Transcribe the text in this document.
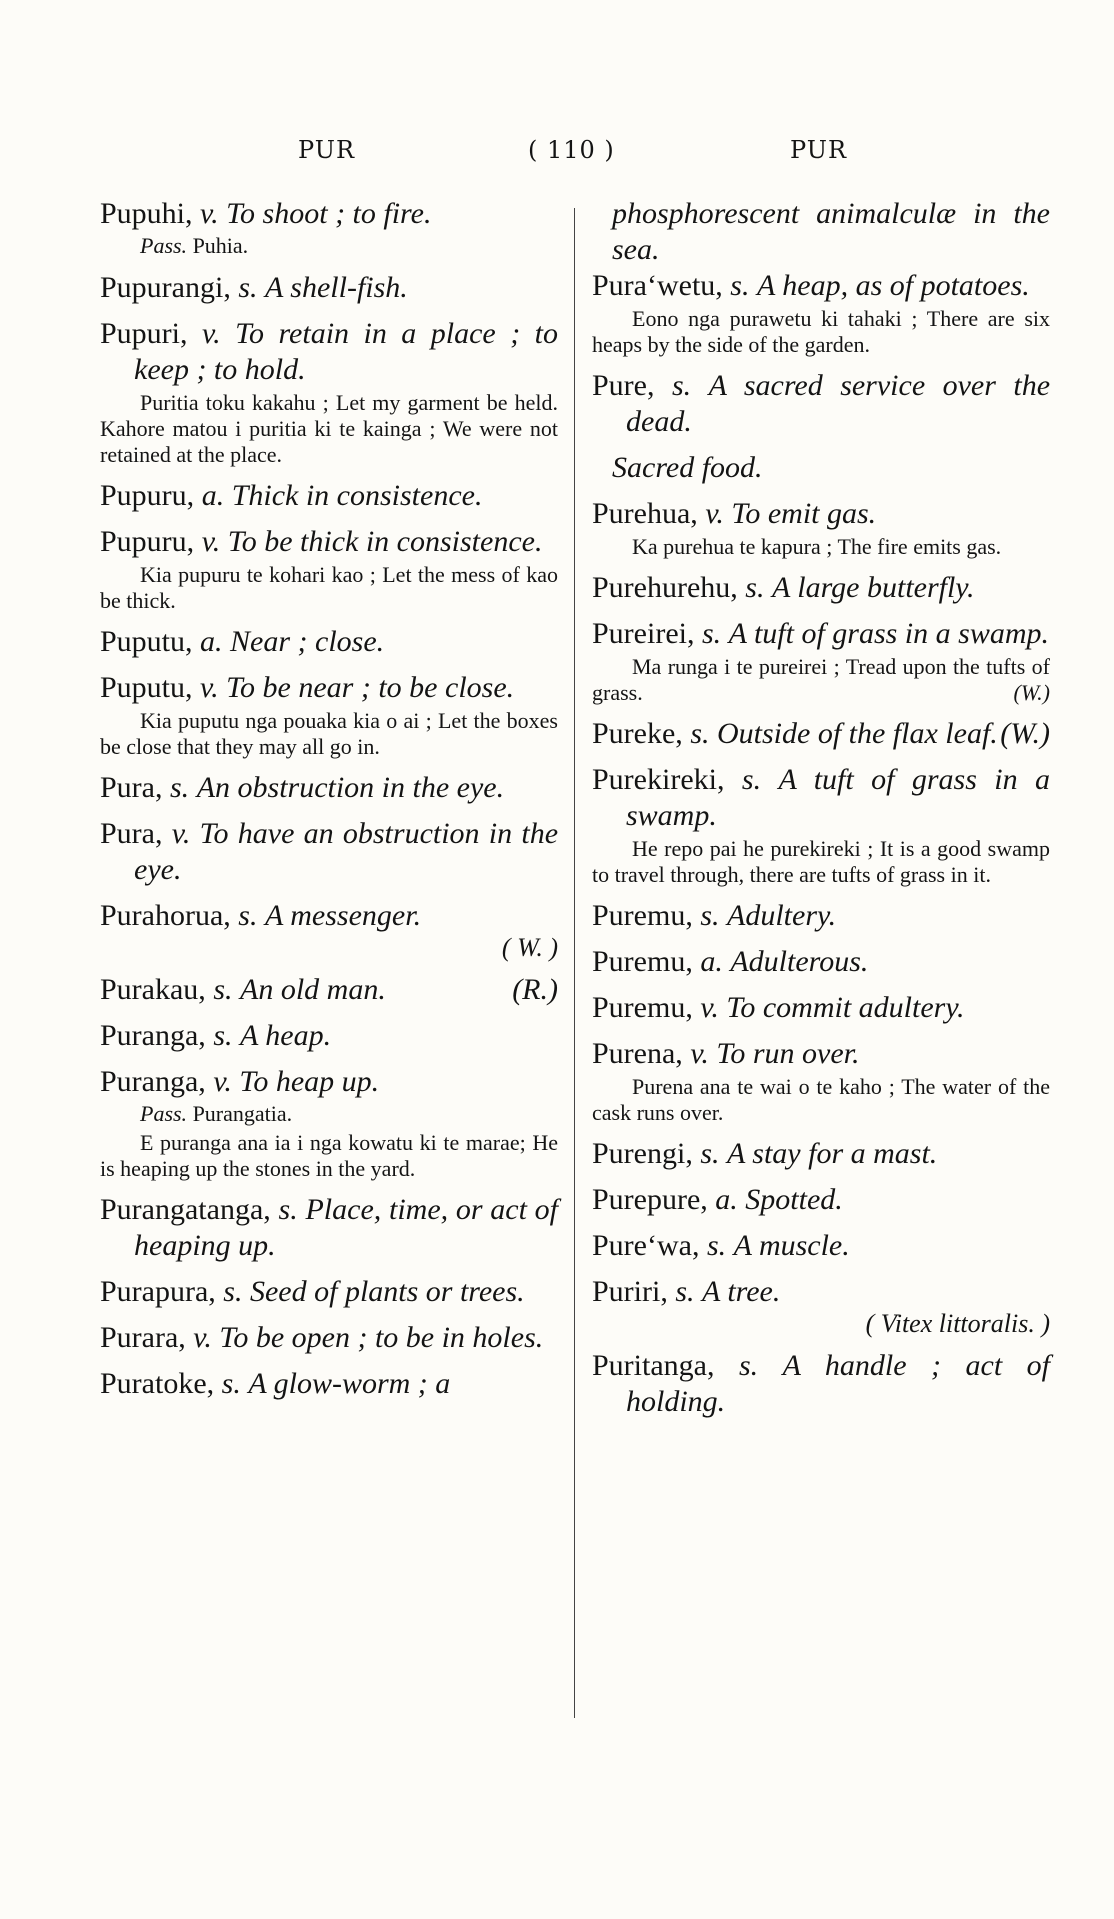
PUR	( 110 )	PUR
Pupuhi, v. To shoot ; to fire.
Pass. Puhia.
Pupurangi, s. A shell-fish.
Pupuri, v. To retain in a place ; to keep ; to hold.
Puritia toku kakahu ; Let my garment be held. Kahore matou i puritia ki te kainga ; We were not retained at the place.
Pupuru, a. Thick in consistence.
Pupuru, v. To be thick in consistence.
Kia pupuru te kohari kao ; Let the mess of kao be thick.
Puputu, a. Near ; close.
Puputu, v. To be near ; to be close.
Kia puputu nga pouaka kia o ai ; Let the boxes be close that they may all go in.
Pura, s. An obstruction in the eye.
Pura, v. To have an obstruction in the eye.
Purahorua, s. A messenger.
( W. )
Purakau, s. An old man.	(R.)
Puranga, s. A heap.
Puranga, v. To heap up.
Pass. Purangatia.
E puranga ana ia i nga kowatu ki te marae; He is heaping up the stones in the yard.
Purangatanga, s. Place, time, or act of heaping up.
Purapura, s. Seed of plants or trees.
Purara, v. To be open ; to be in holes.
Puratoke, s. A glow-worm ; a
phosphorescent animalculæ in the sea.
Pura‘wetu, s. A heap, as of potatoes.
Eono nga purawetu ki tahaki ; There are six heaps by the side of the garden.
Pure, s. A sacred service over the dead.
Sacred food.
Purehua, v. To emit gas.
Ka purehua te kapura ; The fire emits gas.
Purehurehu, s. A large butterfly.
Pureirei, s. A tuft of grass in a swamp.
Ma runga i te pureirei ; Tread upon the tufts of grass.	(W.)
Pureke, s. Outside of the flax leaf. (W.)
Purekireki, s. A tuft of grass in a swamp.
He repo pai he purekireki ; It is a good swamp to travel through, there are tufts of grass in it.
Puremu, s. Adultery.
Puremu, a. Adulterous.
Puremu, v. To commit adultery.
Purena, v. To run over.
Purena ana te wai o te kaho ; The water of the cask runs over.
Purengi, s. A stay for a mast.
Purepure, a. Spotted.
Pure‘wa, s. A muscle.
Puriri, s. A tree.
( Vitex littoralis. )
Puritanga, s. A handle ; act of holding.
